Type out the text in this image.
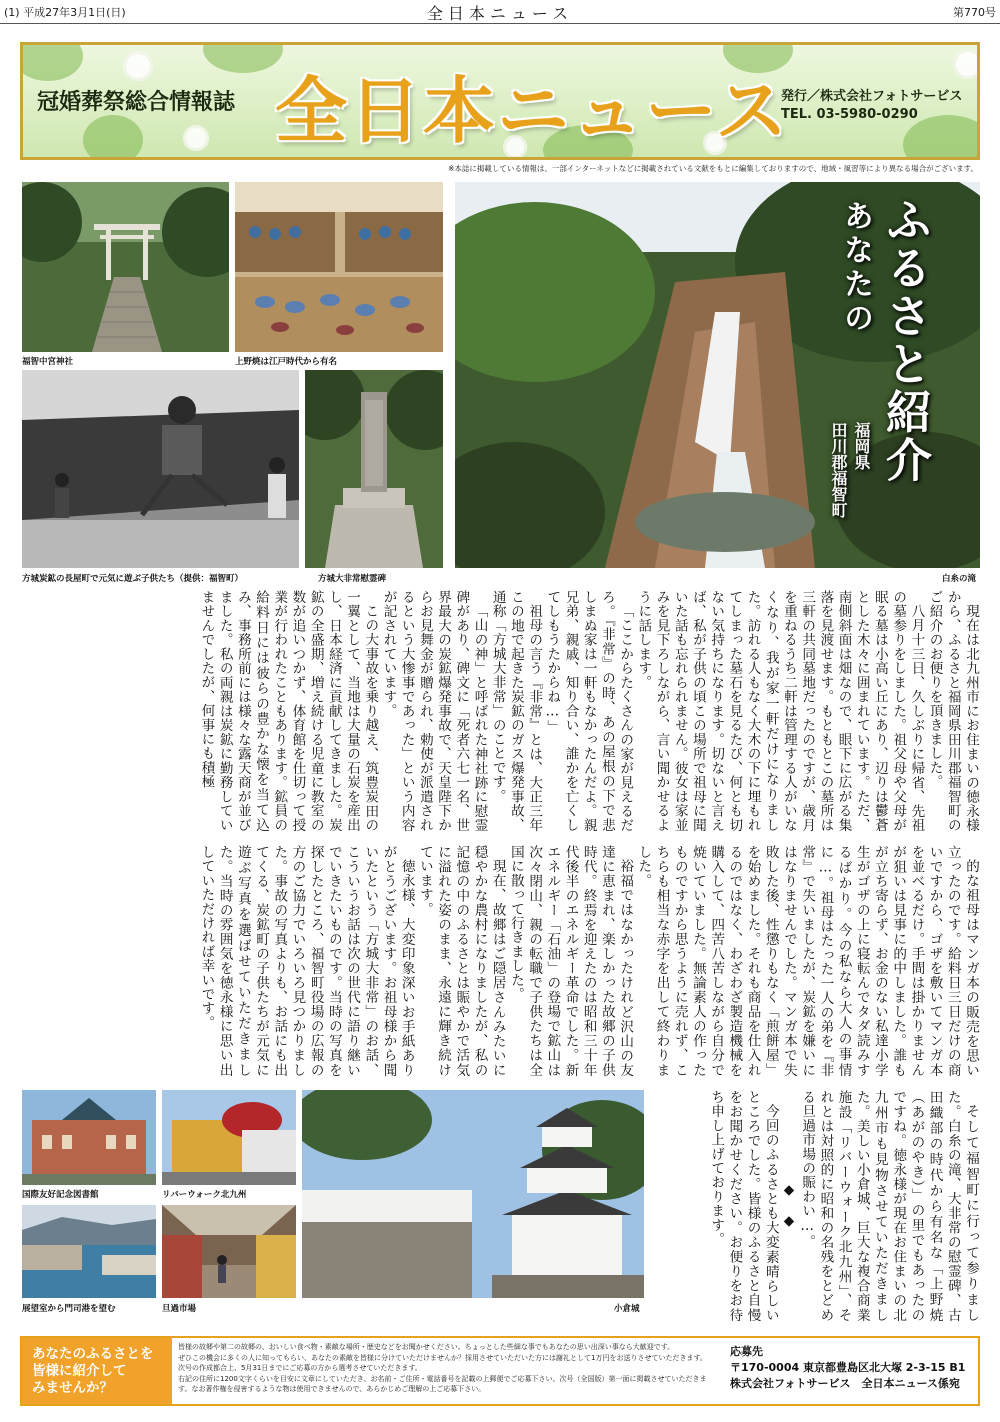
(1) 平成27年3月1日(日)	全日本ニュース	第770号
冠婚葬祭総合情報誌 全日本ニュース
発行／株式会社フォトサービス
TEL. 03-5980-0290
※本誌に掲載している情報は、一部インターネットなどに掲載されている文献をもとに編集しておりますので、地域・風習等により異なる場合がございます。
福智中宮神社	上野焼は江戸時代から有名
方城炭鉱の長屋町で元気に遊ぶ子供たち（提供：福智町）	方城大非常慰霊碑
あなたの ふるさと紹介
福岡県
田川郡福智町
白糸の滝

現在は北九州市にお住まいの徳永様から、ふるさと福岡県田川郡福智町のご紹介のお便りを頂きました。

八月十三日、久しぶりに帰省、先祖の墓参りをしました。祖父母や父母が眠る墓は小高い丘にあり、辺りは鬱蒼とした木々に囲まれています。ただ、南側斜面は畑なので、眼下に広がる集落を見渡せます。もともとこの墓所は三軒の共同墓地だったのですが、歳月を重ねるうち二軒は管理する人がいなくなり、我が家一軒だけになりました。訪れる人もなく大木の下に埋もれてしまった墓石を見るたび、何とも切ない気持ちになります。切ないと言えば、私が子供の頃この場所で祖母に聞いた話も忘れられません。彼女は家並みを見下ろしながら、言い聞かせるように話します。

「ここからたくさんの家が見えるだろ。『非常』の時、あの屋根の下で悲しまぬ家は一軒もなかったんだよ。親兄弟、親戚、知り合い、誰かを亡くしてしもうたからね…」

祖母の言う『非常』とは、大正三年この地で起きた炭鉱のガス爆発事故、通称「方城大非常」のことです。

「山の神」と呼ばれた神社跡に慰霊碑があり、碑文に「死者六七一名、世界最大の炭鉱爆発事故で、天皇陛下からお見舞金が贈られ、勅使が派遣されるという大惨事であった」という内容が記されています。

この大事故を乗り越え、筑豊炭田の一翼として、当地は大量の石炭を産出し、日本経済に貢献してきました。炭鉱の全盛期、増え続ける児童に教室の数が追いつかず、体育館を仕切って授業が行われたこともあります。鉱員の給料日には彼らの豊かな懐を当て込み、事務所前には様々な露天商が並びました。私の両親は炭鉱に勤務していませんでしたが、何事にも積極

的な祖母はマンガ本の販売を思い立ったのです。給料日三日だけの商いですから、ゴザを敷いてマンガ本を並べるだけ。手間は掛かりませんが狙いは見事に的中しました。誰もが立ち寄らず、お金のない私達小学生がゴザの上に寝転んでタダ読みするばかり。今の私なら大人の事情に…。祖母はたった一人の弟を『非常』で失いましたが、炭鉱を嫌いにはなりませんでした。マンガ本で失敗した後、性懲りもなく「煎餅屋」を始めました。それも商品を仕入れるのではなく、わざわざ製造機械を購入して、四苦八苦しながら自分で焼いていました。無論素人の作ったものですから思うように売れず、こちらも相当な赤字を出して終わりました。

裕福ではなかったけれど沢山の友達に恵まれ、楽しかった故郷の子供時代。終焉を迎えたのは昭和三十年代後半のエネルギー革命でした。新エネルギー「石油」の登場で鉱山は次々閉山、親の転職で子供たちは全国に散って行きました。

現在、故郷はご隠居さんみたいに穏やかな農村になりましたが、私の記憶の中のふるさとは賑やかで活気に溢れた姿のまま、永遠に輝き続けています。

徳永様、大変印象深いお手紙ありがとうございます。お祖母様から聞いたという「方城大非常」のお話、こういうお話は次の世代に語り継いでいきたいものです。当時の写真を探したところ、福智町役場の広報の方のご協力でいろいろ見つかりました。事故の写真よりも、お話にも出てくる、炭鉱町の子供たちが元気に遊ぶ写真を選ばせていただきました。当時の雰囲気を徳永様に思い出していただければ幸いです。

国際友好記念図書館	リバーウォーク北九州
展望室から門司港を望む	旦過市場	小倉城	そして福智町に行って参りました。白糸の滝、大非常の慰霊碑、古田織部の時代から有名な「上野焼（あがのやき）」の里でもあったのですね。徳永様が現在お住まいの北九州市も見物させていただきました。美しい小倉城、巨大な複合商業施設「リバーウォーク北九州」、それとは対照的に昭和の名残をとどめる旦過市場の賑わい…。

◆　◆

今回のふるさとも大変素晴らしいところでした。皆様のふるさと自慢をお聞かせください。お便りをお待ち申し上げております。

あなたのふるさとを
皆様に紹介して
みませんか？
皆様の故郷や第二の故郷の、おいしい食べ物・素敵な場所・歴史などをお聞かせください。ちょっとした些細な事でもあなたの思い出深い事なら大歓迎です。
ぜひこの機会に多くの人に知ってもらい、あなたの素敵を皆様に分けていただけませんか？採用させていただいた方には謝礼として1万円をお送りさせていただきます。次号の作成都合上、5月31日までにご応募の方から選考させていただきます。
右記の住所に1200文字くらいを目安に文章にしていただき、お名前・ご住所・電話番号を記載の上郵便でご応募下さい。次号（全国版）第一面に掲載させていただきます。なお著作権を侵害するような物は使用できませんので、あらかじめご理解の上ご応募下さい。
応募先
〒170-0004 東京都豊島区北大塚 2-3-15 B1
株式会社フォトサービス　全日本ニュース係宛
